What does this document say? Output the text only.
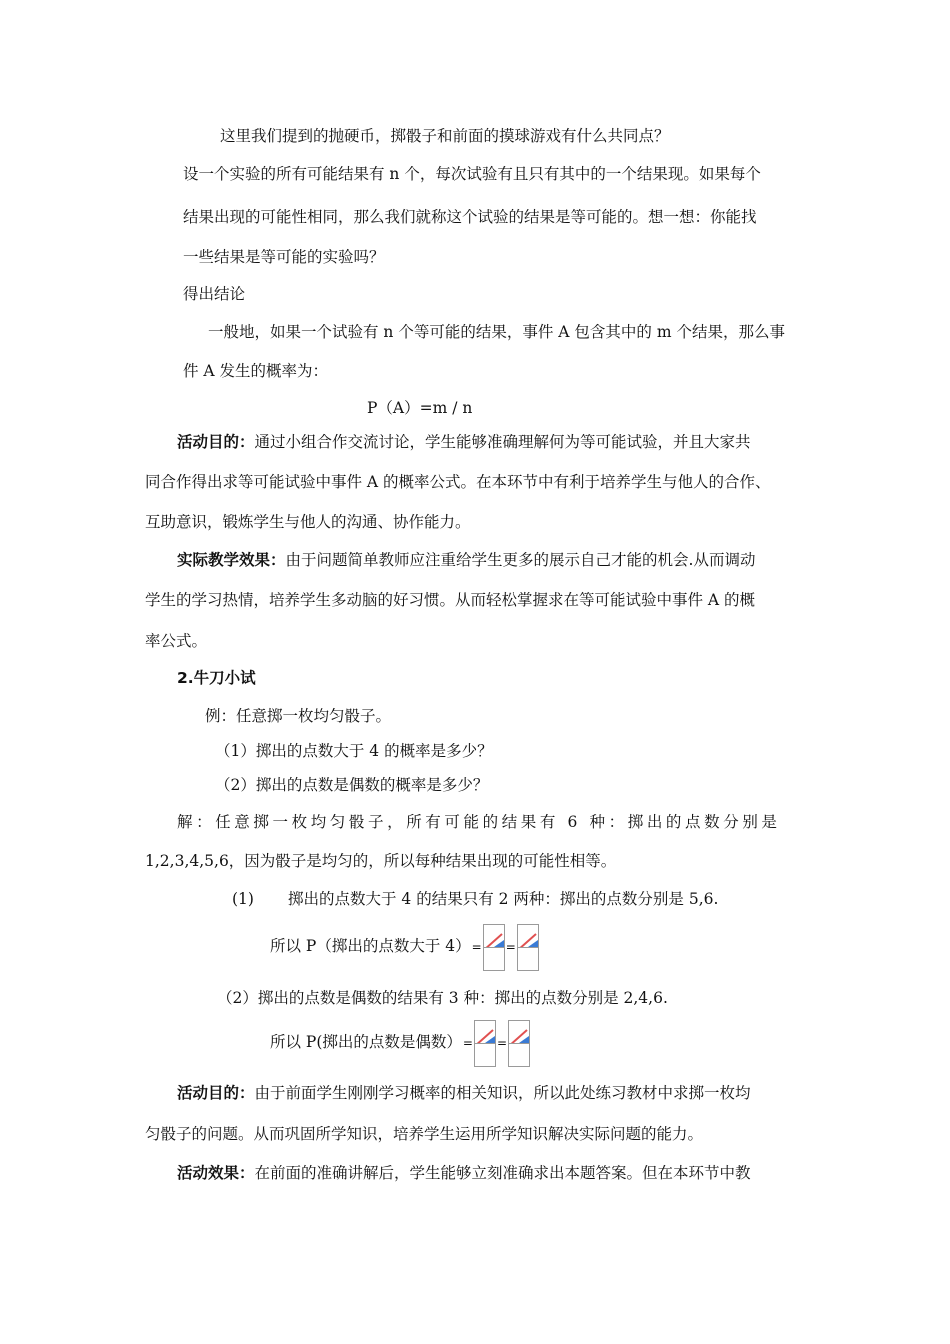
这里我们提到的抛硬币，掷骰子和前面的摸球游戏有什么共同点？
设一个实验的所有可能结果有 n 个，每次试验有且只有其中的一个结果现。如果每个
结果出现的可能性相同，那么我们就称这个试验的结果是等可能的。想一想：你能找
一些结果是等可能的实验吗？
得出结论
一般地，如果一个试验有 n 个等可能的结果，事件 A 包含其中的 m 个结果，那么事
件 A 发生的概率为：
P（A）=m / n
活动目的：通过小组合作交流讨论，学生能够准确理解何为等可能试验，并且大家共
同合作得出求等可能试验中事件 A 的概率公式。在本环节中有利于培养学生与他人的合作、
互助意识，锻炼学生与他人的沟通、协作能力。
实际教学效果：由于问题简单教师应注重给学生更多的展示自己才能的机会.从而调动
学生的学习热情，培养学生多动脑的好习惯。从而轻松掌握求在等可能试验中事件 A 的概
率公式。
2.牛刀小试
例：任意掷一枚均匀骰子。
（1）掷出的点数大于 4 的概率是多少？
（2）掷出的点数是偶数的概率是多少？
解：任意掷一枚均匀骰子，所有可能的结果有 6 种：掷出的点数分别是
1,2,3,4,5,6，因为骰子是均匀的，所以每种结果出现的可能性相等。
(1) 掷出的点数大于 4 的结果只有 2 两种：掷出的点数分别是 5,6.
所以 P（掷出的点数大于 4）= =
（2）掷出的点数是偶数的结果有 3 种：掷出的点数分别是 2,4,6.
所以 P(掷出的点数是偶数）= =
活动目的：由于前面学生刚刚学习概率的相关知识，所以此处练习教材中求掷一枚均
匀骰子的问题。从而巩固所学知识，培养学生运用所学知识解决实际问题的能力。
活动效果：在前面的准确讲解后，学生能够立刻准确求出本题答案。但在本环节中教
